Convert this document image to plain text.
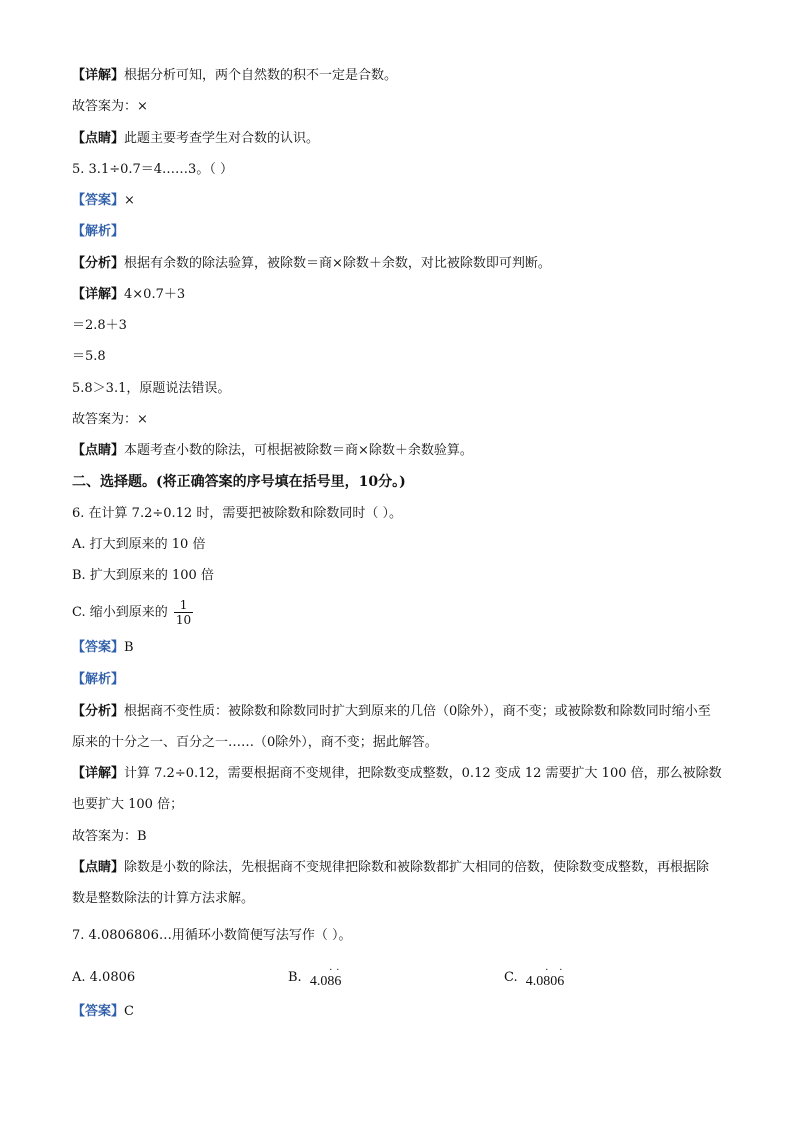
【详解】根据分析可知，两个自然数的积不一定是合数。
故答案为：×
【点睛】此题主要考查学生对合数的认识。
5. 3.1÷0.7＝4……3。（ ）
【答案】×
【解析】
【分析】根据有余数的除法验算，被除数＝商×除数＋余数，对比被除数即可判断。
【详解】4×0.7＋3
＝2.8＋3
＝5.8
5.8＞3.1，原题说法错误。
故答案为：×
【点睛】本题考查小数的除法，可根据被除数＝商×除数＋余数验算。
二、选择题。(将正确答案的序号填在括号里，10分。)
6. 在计算 7.2÷0.12 时，需要把被除数和除数同时（ ）。
A. 打大到原来的 10 倍
B. 扩大到原来的 100 倍
C. 缩小到原来的 $\frac{1}{10}$
【答案】B
【解析】
【分析】根据商不变性质：被除数和除数同时扩大到原来的几倍（0除外），商不变；或被除数和除数同时缩小至原来的十分之一、百分之一……（0除外），商不变；据此解答。
【详解】计算 7.2÷0.12，需要根据商不变规律，把除数变成整数，0.12 变成 12 需要扩大 100 倍，那么被除数也要扩大 100 倍；
故答案为：B
【点睛】除数是小数的除法，先根据商不变规律把除数和被除数都扩大相同的倍数，使除数变成整数，再根据除数是整数除法的计算方法求解。
7. 4.0806806…用循环小数简便写法写作（ ）。
A. 4.0806	B. 4.0
·
8
·
6	C. 4.0
·
80
·
6
【答案】C
